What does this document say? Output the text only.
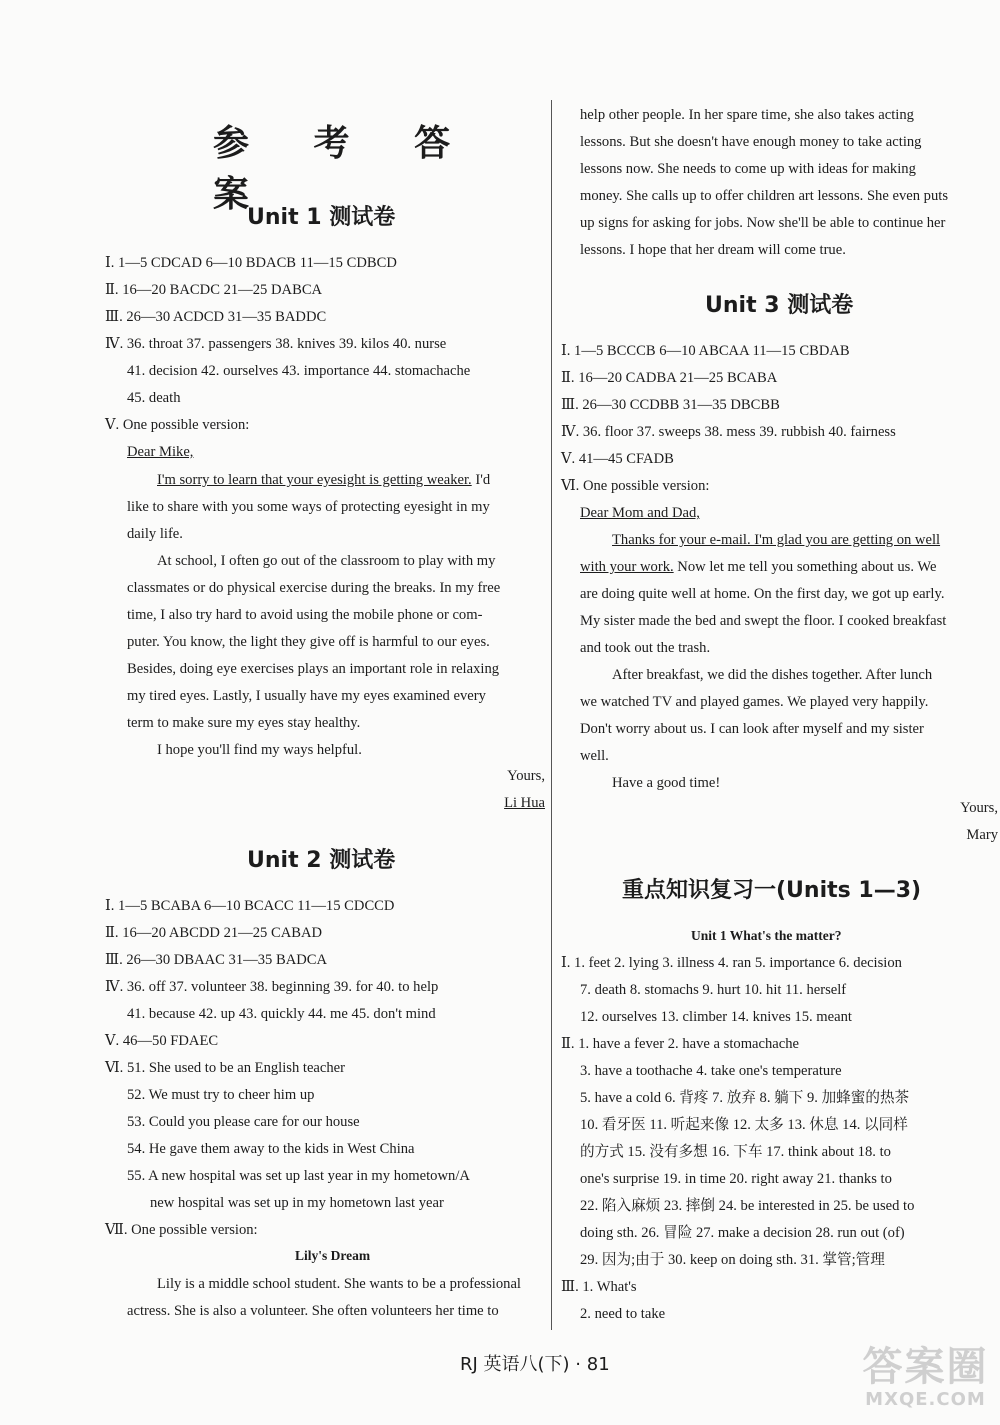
参 考 答 案
Unit 1 测试卷
Ⅰ. 1—5 CDCAD 6—10 BDACB 11—15 CDBCD
Ⅱ. 16—20 BACDC 21—25 DABCA
Ⅲ. 26—30 ACDCD 31—35 BADDC
Ⅳ. 36. throat 37. passengers 38. knives 39. kilos 40. nurse
41. decision 42. ourselves 43. importance 44. stomachache
45. death
Ⅴ. One possible version:
Dear Mike,
I'm sorry to learn that your eyesight is getting weaker. I'd
like to share with you some ways of protecting eyesight in my
daily life.
At school, I often go out of the classroom to play with my
classmates or do physical exercise during the breaks. In my free
time, I also try hard to avoid using the mobile phone or com-
puter. You know, the light they give off is harmful to our eyes.
Besides, doing eye exercises plays an important role in relaxing
my tired eyes. Lastly, I usually have my eyes examined every
term to make sure my eyes stay healthy.
I hope you'll find my ways helpful.
Yours,
Li Hua
Unit 2 测试卷
Ⅰ. 1—5 BCABA 6—10 BCACC 11—15 CDCCD
Ⅱ. 16—20 ABCDD 21—25 CABAD
Ⅲ. 26—30 DBAAC 31—35 BADCA
Ⅳ. 36. off 37. volunteer 38. beginning 39. for 40. to help
41. because 42. up 43. quickly 44. me 45. don't mind
Ⅴ. 46—50 FDAEC
Ⅵ. 51. She used to be an English teacher
52. We must try to cheer him up
53. Could you please care for our house
54. He gave them away to the kids in West China
55. A new hospital was set up last year in my hometown/A
new hospital was set up in my hometown last year
Ⅶ. One possible version:
Lily's Dream
Lily is a middle school student. She wants to be a professional
actress. She is also a volunteer. She often volunteers her time to
help other people. In her spare time, she also takes acting
lessons. But she doesn't have enough money to take acting
lessons now. She needs to come up with ideas for making
money. She calls up to offer children art lessons. She even puts
up signs for asking for jobs. Now she'll be able to continue her
lessons. I hope that her dream will come true.
Unit 3 测试卷
Ⅰ. 1—5 BCCCB 6—10 ABCAA 11—15 CBDAB
Ⅱ. 16—20 CADBA 21—25 BCABA
Ⅲ. 26—30 CCDBB 31—35 DBCBB
Ⅳ. 36. floor 37. sweeps 38. mess 39. rubbish 40. fairness
Ⅴ. 41—45 CFADB
Ⅵ. One possible version:
Dear Mom and Dad,
Thanks for your e-mail. I'm glad you are getting on well
with your work. Now let me tell you something about us. We
are doing quite well at home. On the first day, we got up early.
My sister made the bed and swept the floor. I cooked breakfast
and took out the trash.
After breakfast, we did the dishes together. After lunch
we watched TV and played games. We played very happily.
Don't worry about us. I can look after myself and my sister
well.
Have a good time!
Yours,
Mary
重点知识复习一(Units 1—3)
Unit 1 What's the matter?
Ⅰ. 1. feet 2. lying 3. illness 4. ran 5. importance 6. decision
7. death 8. stomachs 9. hurt 10. hit 11. herself
12. ourselves 13. climber 14. knives 15. meant
Ⅱ. 1. have a fever 2. have a stomachache
3. have a toothache 4. take one's temperature
5. have a cold 6. 背疼 7. 放弃 8. 躺下 9. 加蜂蜜的热茶
10. 看牙医 11. 听起来像 12. 太多 13. 休息 14. 以同样
的方式 15. 没有多想 16. 下车 17. think about 18. to
one's surprise 19. in time 20. right away 21. thanks to
22. 陷入麻烦 23. 摔倒 24. be interested in 25. be used to
doing sth. 26. 冒险 27. make a decision 28. run out (of)
29. 因为;由于 30. keep on doing sth. 31. 掌管;管理
Ⅲ. 1. What's
2. need to take
RJ 英语八(下) · 81	答案圈
MXQE.COM
